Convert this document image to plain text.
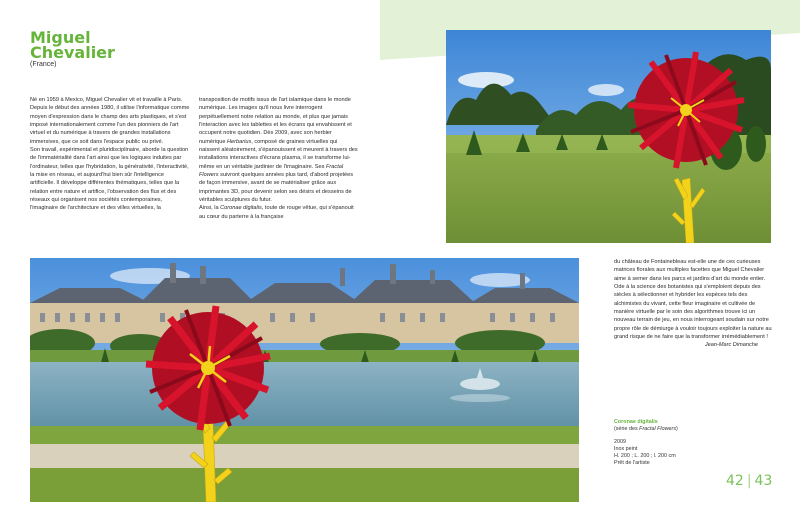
Miguel
Chevalier
(France)

Né en 1959 à Mexico, Miguel Chevalier vit et travaille à Paris. Depuis le début des années 1980, il utilise l'informatique comme moyen d'expression dans le champ des arts plastiques, et s'est imposé internationalement comme l'un des pionniers de l'art virtuel et du numérique à travers de grandes installations immersives, que ce soit dans l'espace public ou privé.

Son travail, expérimental et pluridisciplinaire, aborde la question de l'immatérialité dans l'art ainsi que les logiques induites par l'ordinateur, telles que l'hybridation, la générativité, l'interactivité, la mise en réseau, et aujourd'hui bien sûr l'intelligence artificielle. Il développe différentes thématiques, telles que la relation entre nature et artifice, l'observation des flux et des réseaux qui organisent nos sociétés contemporaines, l'imaginaire de l'architecture et des villes virtuelles, la

transposition de motifs issus de l'art islamique dans le monde numérique. Les images qu'il nous livre interrogent perpétuellement notre relation au monde, et plus que jamais l'interaction avec les tablettes et les écrans qui envahissent et occupent notre quotidien. Dès 2009, avec son herbier numérique Herbarius, composé de graines virtuelles qui naissent aléatoirement, s'épanouissent et meurent à travers des installations interactives d'écrans plasma, il se transforme lui-même en un véritable jardinier de l'imaginaire. Ses Fractal Flowers suivront quelques années plus tard, d'abord projetées de façon immersive, avant de se matérialiser grâce aux imprimantes 3D, pour devenir selon ses désirs et desseins de véritables sculptures du futur.

Ainsi, la Coronae digitalis, toute de rouge vêtue, qui s'épanouit au cœur du parterre à la française

du château de Fontainebleau est-elle une de ces curieuses matrices florales aux multiples facettes que Miguel Chevalier aime à semer dans les parcs et jardins d'art du monde entier. Ode à la science des botanistes qui s'emploient depuis des siècles à sélectionner et hybrider les espèces tels des alchimistes du vivant, cette fleur imaginaire et cultivée de manière virtuelle par le soin des algorithmes trouve ici un nouveau terrain de jeu, en nous interrogeant soudain sur notre propre rôle de démiurge à vouloir toujours exploiter la nature au grand risque de ne faire que la transformer irrémédiablement !

Jean-Marc Dimanche

Coronae digitalis
(série des Fractal Flowers)
2009
Inox peint
H. 200 ; L. 200 ; l. 200 cm
Prêt de l'artiste
42 | 43
